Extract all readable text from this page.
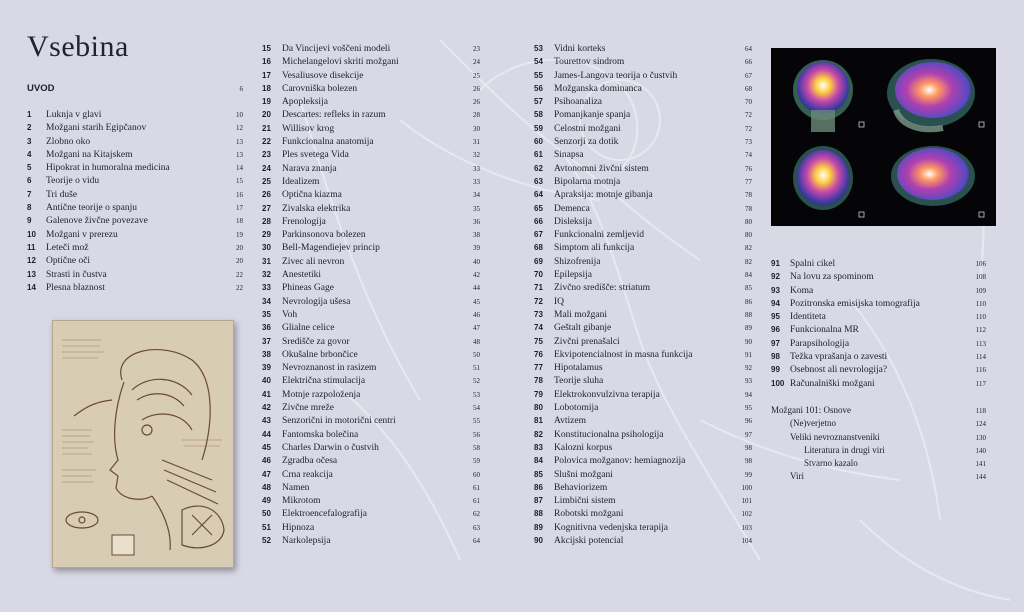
Vsebina
UVOD	6
1	Luknja v glavi	10
2	Možgani starih Egipčanov	12
3	Zlobno oko	13
4	Možgani na Kitajskem	13
5	Hipokrat in humoralna medicina	14
6	Teorije o vidu	15
7	Tri duše	16
8	Antične teorije o spanju	17
9	Galenove živčne povezave	18
10	Možgani v prerezu	19
11	Leteči mož	20
12	Optične oči	20
13	Strasti in čustva	22
14	Plesna blaznost	22
15	Da Vincijevi voščeni modeli	23
16	Michelangelovi skriti možgani	24
17	Vesaliusove disekcije	25
18	Čarovniška bolezen	26
19	Apopleksija	26
20	Descartes: refleks in razum	28
21	Willisov krog	30
22	Funkcionalna anatomija	31
23	Ples svetega Vida	32
24	Narava znanja	33
25	Idealizem	33
26	Optična kiazma	34
27	Živalska elektrika	35
28	Frenologija	36
29	Parkinsonova bolezen	38
30	Bell-Magendiejev princip	39
31	Živec ali nevron	40
32	Anestetiki	42
33	Phineas Gage	44
34	Nevrologija ušesa	45
35	Voh	46
36	Glialne celice	47
37	Središče za govor	48
38	Okušalne brbončice	50
39	Nevroznanost in rasizem	51
40	Električna stimulacija	52
41	Motnje razpoloženja	53
42	Živčne mreže	54
43	Senzorični in motorični centri	55
44	Fantomska bolečina	56
45	Charles Darwin o čustvih	58
46	Zgradba očesa	59
47	Črna reakcija	60
48	Namen	61
49	Mikrotom	61
50	Elektroencefalografija	62
51	Hipnoza	63
52	Narkolepsija	64
53	Vidni korteks	64
54	Tourettov sindrom	66
55	James-Langova teorija o čustvih	67
56	Možganska dominanca	68
57	Psihoanaliza	70
58	Pomanjkanje spanja	72
59	Celostni možgani	72
60	Senzorji za dotik	73
61	Sinapsa	74
62	Avtonomni živčni sistem	76
63	Bipolarna motnja	77
64	Apraksija: motnje gibanja	78
65	Demenca	78
66	Disleksija	80
67	Funkcionalni zemljevid	80
68	Simptom ali funkcija	82
69	Shizofrenija	82
70	Epilepsija	84
71	Živčno središče: striatum	85
72	IQ	86
73	Mali možgani	88
74	Geštalt gibanje	89
75	Živčni prenašalci	90
76	Ekvipotencialnost in masna funkcija	91
77	Hipotalamus	92
78	Teorije sluha	93
79	Elektrokonvulzivna terapija	94
80	Lobotomija	95
81	Avtizem	96
82	Konstitucionalna psihologija	97
83	Kalozni korpus	98
84	Polovica možganov: hemiagnozija	98
85	Slušni možgani	99
86	Behaviorizem	100
87	Limbični sistem	101
88	Robotski možgani	102
89	Kognitivna vedenjska terapija	103
90	Akcijski potencial	104
91	Spalni cikel	106
92	Na lovu za spominom	108
93	Koma	109
94	Pozitronska emisijska tomografija	110
95	Identiteta	110
96	Funkcionalna MR	112
97	Parapsihologija	113
98	Težka vprašanja o zavesti	114
99	Osebnost ali nevrologija?	116
100 Računalniški možgani	117
Možgani 101: Osnove	118
(Ne)verjetno	124
Veliki nevroznanstveniki	130
Literatura in drugi viri	140
Stvarno kazalo	141
Viri	144
